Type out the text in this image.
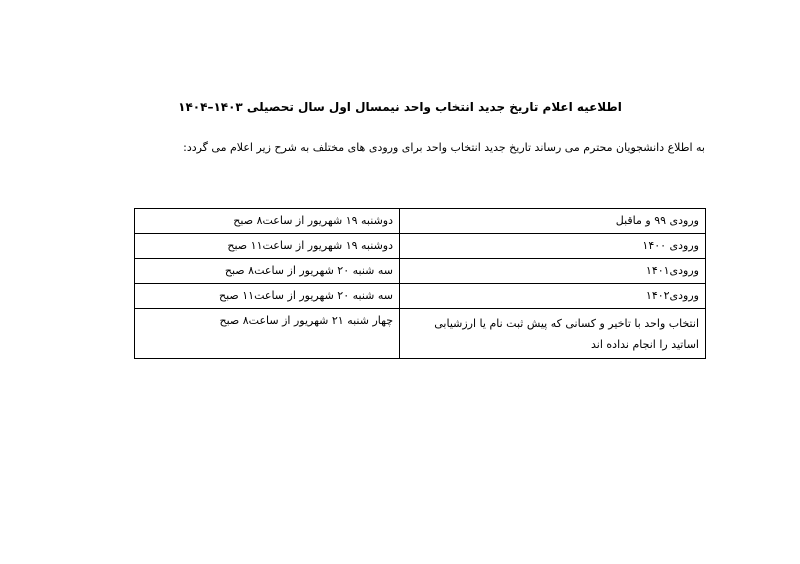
اطلاعیه اعلام تاریخ جدید انتخاب واحد نیمسال اول سال تحصیلی ۱۴۰۳–۱۴۰۴
به اطلاع دانشجویان محترم می رساند تاریخ جدید انتخاب واحد برای ورودی های مختلف به شرح زیر اعلام می گردد:
ورودی ۹۹ و ماقبل	دوشنبه ۱۹ شهریور از ساعت۸ صبح
ورودی ۱۴۰۰	دوشنبه ۱۹ شهریور از ساعت۱۱ صبح
ورودی۱۴۰۱	سه شنبه ۲۰ شهریور از ساعت۸ صبح
ورودی۱۴۰۲	سه شنبه ۲۰ شهریور از ساعت۱۱ صبح
انتخاب واحد با تاخیر و کسانی که پیش ثبت نام یا ارزشیابی اساتید را انجام نداده اند	چهار شنبه ۲۱ شهریور از ساعت۸ صبح
